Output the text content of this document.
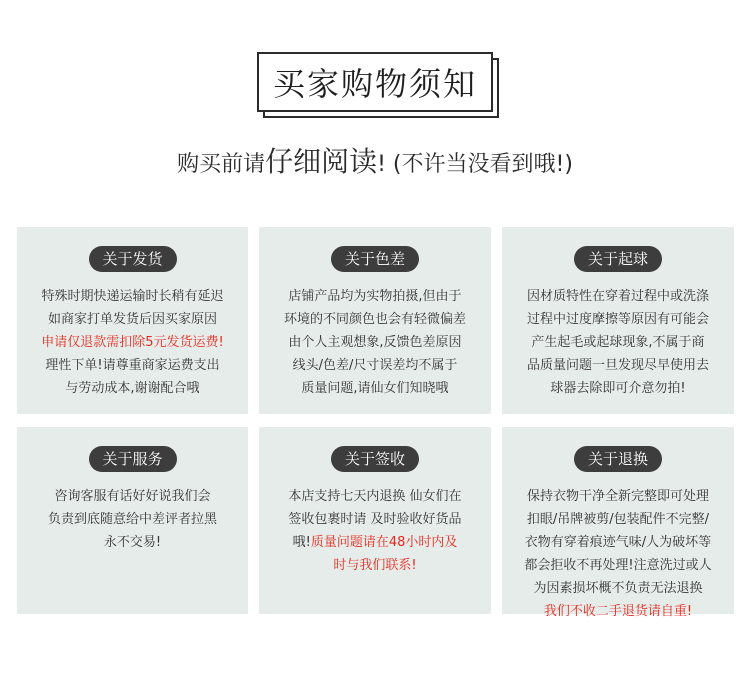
买家购物须知
购买前请仔细阅读! (不许当没看到哦!)
关于发货
特殊时期快递运输时长稍有延迟
如商家打单发货后因买家原因
申请仅退款需扣除5元发货运费!
理性下单!请尊重商家运费支出
与劳动成本,谢谢配合哦
关于色差
店铺产品均为实物拍摄,但由于
环境的不同颜色也会有轻微偏差
由个人主观想象,反馈色差原因
线头/色差/尺寸误差均不属于
质量问题,请仙女们知晓哦
关于起球
因材质特性在穿着过程中或洗涤
过程中过度摩擦等原因有可能会
产生起毛或起球现象,不属于商
品质量问题一旦发现尽早使用去
球器去除即可介意勿拍!
关于服务
咨询客服有话好好说我们会
负责到底随意给中差评者拉黑
永不交易!
关于签收
本店支持七天内退换 仙女们在
签收包裹时请 及时验收好货品
哦!质量问题请在48小时内及
时与我们联系!
关于退换
保持衣物干净全新完整即可处理
扣眼/吊牌被剪/包装配件不完整/
衣物有穿着痕迹气味/人为破坏等
都会拒收不再处理!注意洗过或人
为因素损坏概不负责无法退换
我们不收二手退货请自重!
